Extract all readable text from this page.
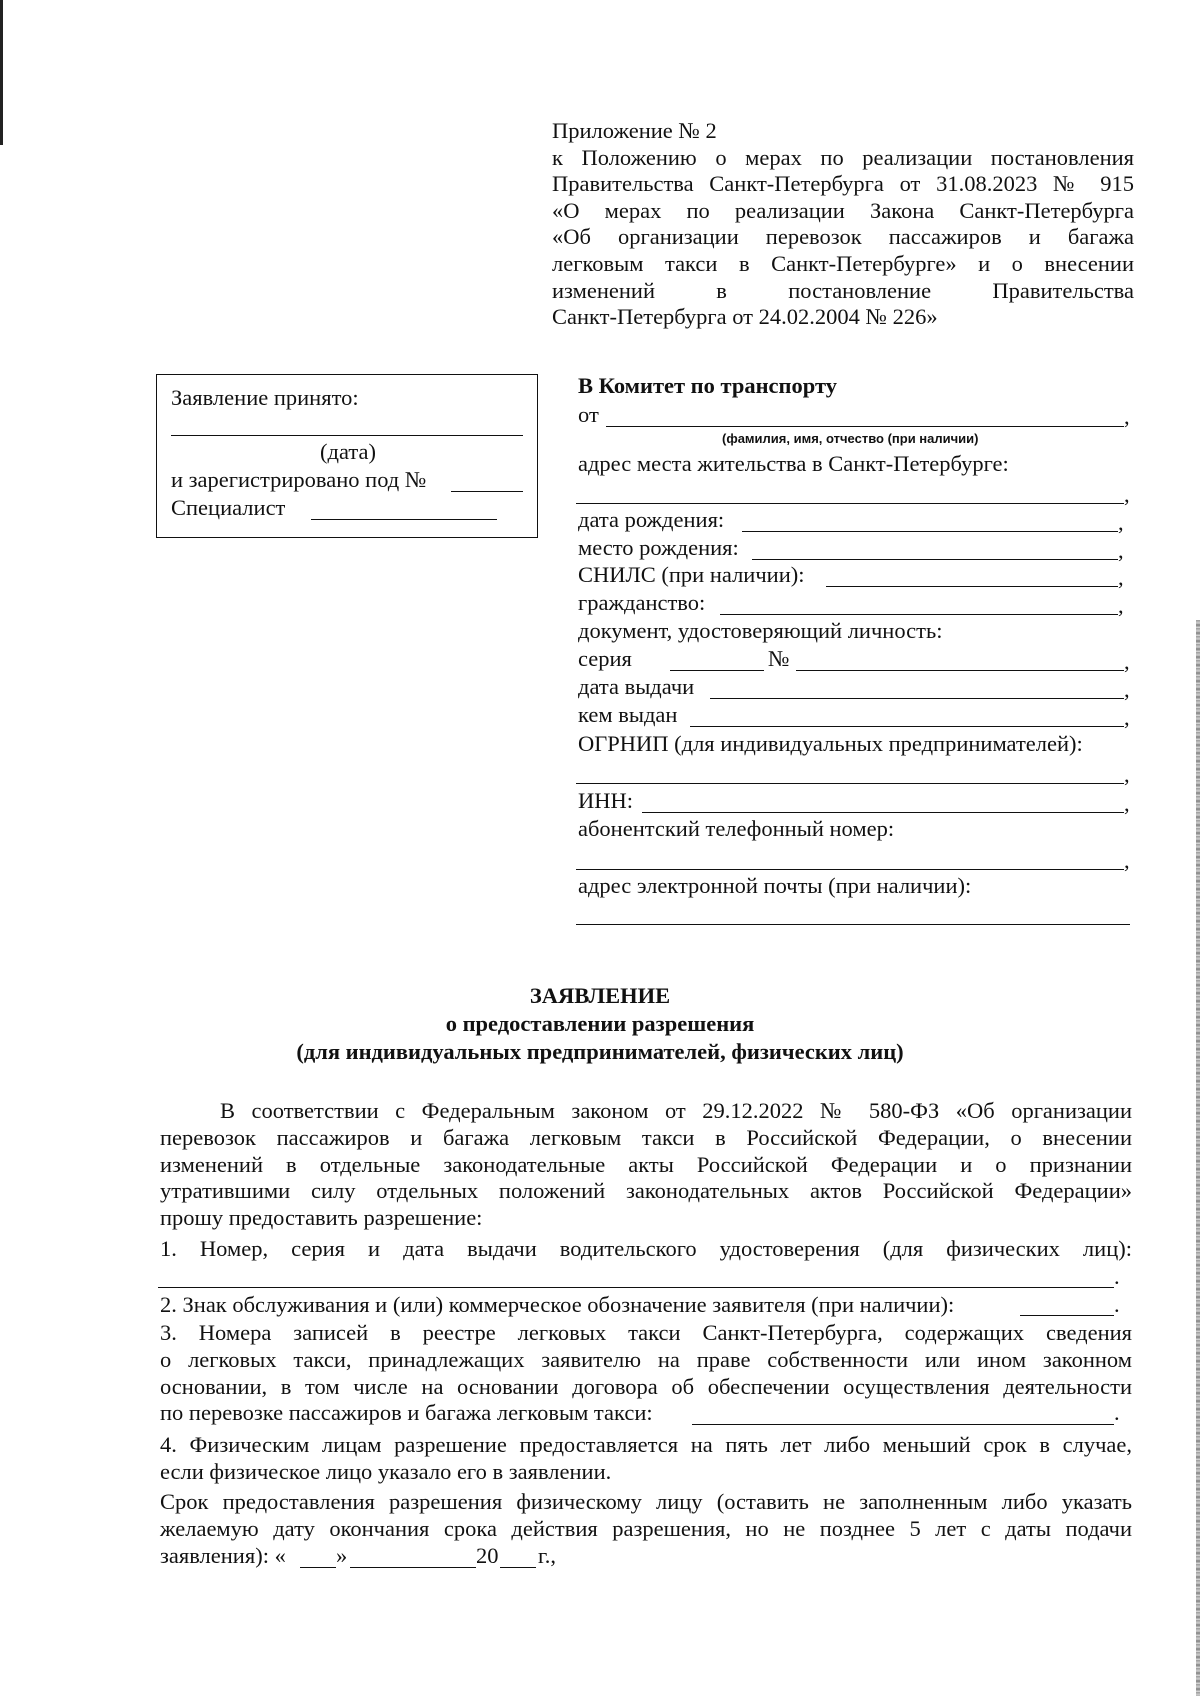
Приложение № 2
к Положению о мерах по реализации постановления
Правительства Санкт-Петербурга от 31.08.2023 № 915
«О мерах по реализации Закона Санкт-Петербурга
«Об организации перевозок пассажиров и багажа
легковым такси в Санкт-Петербурге» и о внесении
изменений в постановление Правительства
Санкт-Петербурга от 24.02.2004 № 226»
Заявление принято:
(дата)
и зарегистрировано под №
Специалист
В Комитет по транспорту
от	,
(фамилия, имя, отчество (при наличии)
адрес места жительства в Санкт-Петербурге:
,
дата рождения:	,
место рождения:	,
СНИЛС (при наличии):	,
гражданство:	,
документ, удостоверяющий личность:
серия	№	,
дата выдачи	,
кем выдан	,
ОГРНИП (для индивидуальных предпринимателей):
,
ИНН:	,
абонентский телефонный номер:
,
адрес электронной почты (при наличии):
ЗАЯВЛЕНИЕ
о предоставлении разрешения
(для индивидуальных предпринимателей, физических лиц)
В соответствии с Федеральным законом от 29.12.2022 № 580-ФЗ «Об организации
перевозок пассажиров и багажа легковым такси в Российской Федерации, о внесении
изменений в отдельные законодательные акты Российской Федерации и о признании
утратившими силу отдельных положений законодательных актов Российской Федерации»
прошу предоставить разрешение:
1. Номер, серия и дата выдачи водительского удостоверения (для физических лиц):
.
2. Знак обслуживания и (или) коммерческое обозначение заявителя (при наличии):	.
3. Номера записей в реестре легковых такси Санкт-Петербурга, содержащих сведения
о легковых такси, принадлежащих заявителю на праве собственности или ином законном
основании, в том числе на основании договора об обеспечении осуществления деятельности
по перевозке пассажиров и багажа легковым такси:	.
4. Физическим лицам разрешение предоставляется на пять лет либо меньший срок в случае,
если физическое лицо указало его в заявлении.
Срок предоставления разрешения физическому лицу (оставить не заполненным либо указать
желаемую дату окончания срока действия разрешения, но не позднее 5 лет с даты подачи
заявления): « »	20 г.,
